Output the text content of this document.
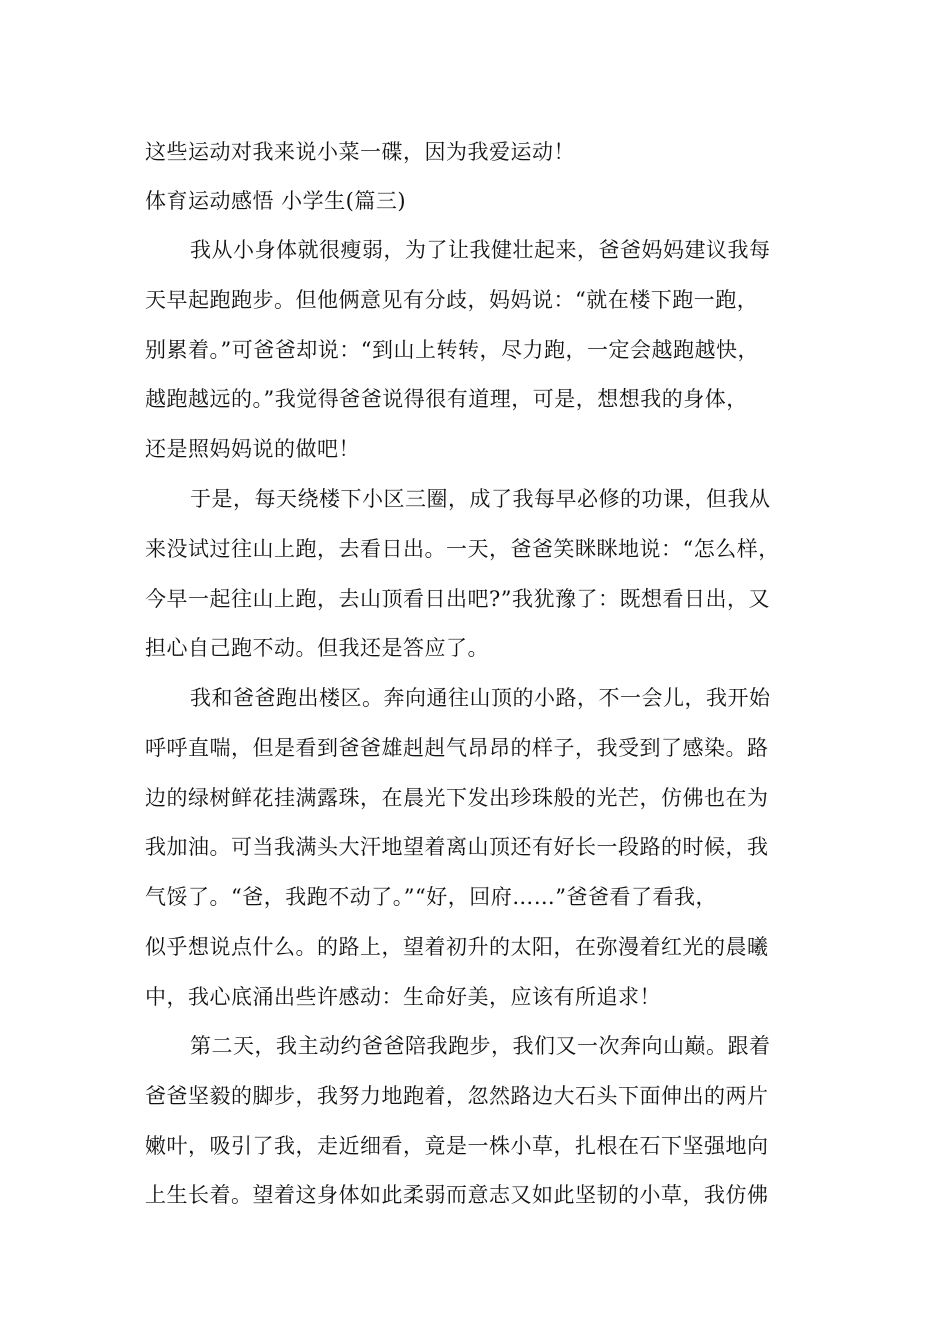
这些运动对我来说小菜一碟，因为我爱运动！
体育运动感悟 小学生(篇三)
我从小身体就很瘦弱，为了让我健壮起来，爸爸妈妈建议我每
天早起跑跑步。但他俩意见有分歧，妈妈说：“就在楼下跑一跑，
别累着。”可爸爸却说：“到山上转转，尽力跑，一定会越跑越快，
越跑越远的。”我觉得爸爸说得很有道理，可是，想想我的身体，
还是照妈妈说的做吧！
于是，每天绕楼下小区三圈，成了我每早必修的功课，但我从
来没试过往山上跑，去看日出。一天，爸爸笑眯眯地说：“怎么样，
今早一起往山上跑，去山顶看日出吧?”我犹豫了：既想看日出，又
担心自己跑不动。但我还是答应了。
我和爸爸跑出楼区。奔向通往山顶的小路，不一会儿，我开始
呼呼直喘，但是看到爸爸雄赳赳气昂昂的样子，我受到了感染。路
边的绿树鲜花挂满露珠，在晨光下发出珍珠般的光芒，仿佛也在为
我加油。可当我满头大汗地望着离山顶还有好长一段路的时候，我
气馁了。“爸，我跑不动了。”“好，回府……”爸爸看了看我，
似乎想说点什么。的路上，望着初升的太阳，在弥漫着红光的晨曦
中，我心底涌出些许感动：生命好美，应该有所追求！
第二天，我主动约爸爸陪我跑步，我们又一次奔向山巅。跟着
爸爸坚毅的脚步，我努力地跑着，忽然路边大石头下面伸出的两片
嫩叶，吸引了我，走近细看，竟是一株小草，扎根在石下坚强地向
上生长着。望着这身体如此柔弱而意志又如此坚韧的小草，我仿佛
